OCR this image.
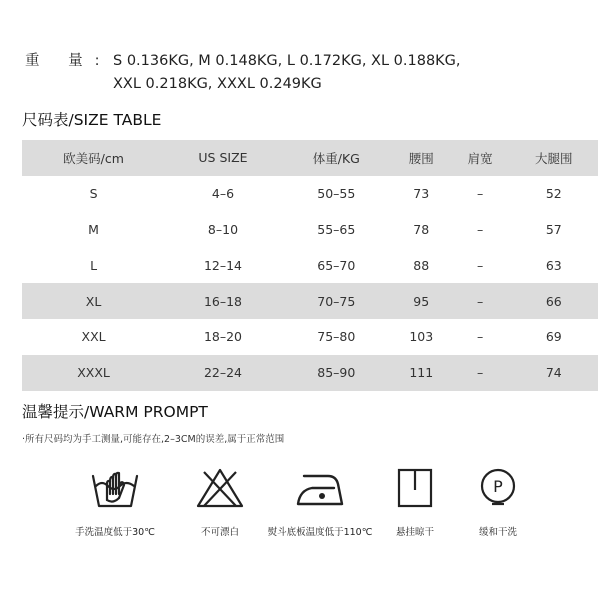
重 量: S 0.136KG, M 0.148KG, L 0.172KG, XL 0.188KG,
XXL 0.218KG, XXXL 0.249KG
尺码表/SIZE TABLE
欧美码/cm	US SIZE	体重/KG	腰围	肩宽	大腿围
S	4–6	50–55	73	–	52
M	8–10	55–65	78	–	57
L	12–14	65–70	88	–	63
XL	16–18	70–75	95	–	66
XXL	18–20	75–80	103	–	69
XXXL	22–24	85–90	111	–	74
温馨提示/WARM PROMPT
·所有尺码均为手工测量,可能存在,2–3CM的误差,属于正常范围
手洗温度低于30℃	不可漂白	熨斗底板温度低于110℃	悬挂晾干
P
缓和干洗
